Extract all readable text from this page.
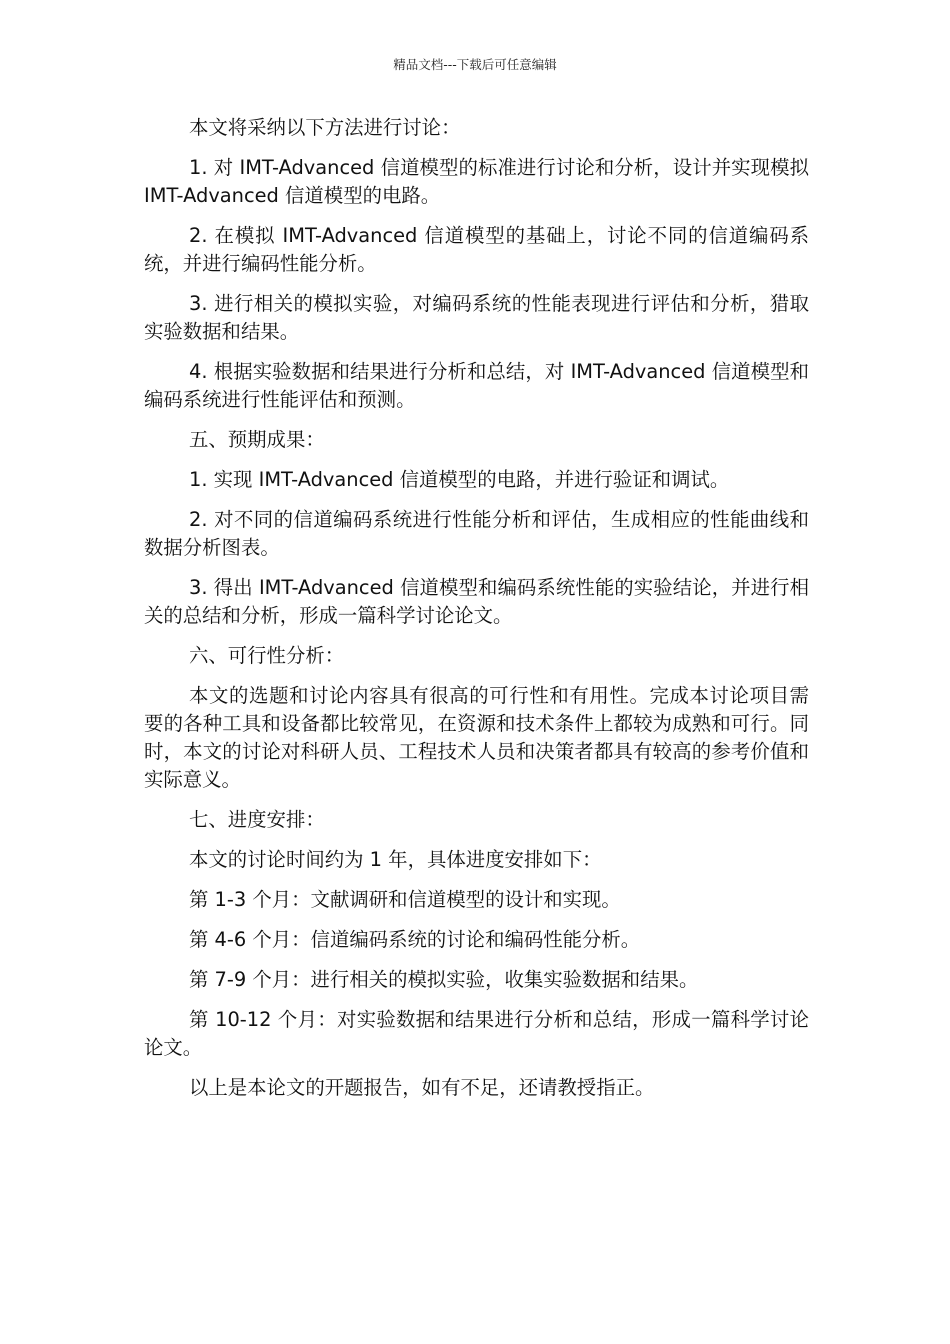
精品文档---下载后可任意编辑

本文将采纳以下方法进行讨论：

1. 对 IMT-Advanced 信道模型的标准进行讨论和分析，设计并实现模拟 IMT-Advanced 信道模型的电路。

2. 在模拟 IMT-Advanced 信道模型的基础上，讨论不同的信道编码系统，并进行编码性能分析。

3. 进行相关的模拟实验，对编码系统的性能表现进行评估和分析，猎取实验数据和结果。

4. 根据实验数据和结果进行分析和总结，对 IMT-Advanced 信道模型和编码系统进行性能评估和预测。

五、预期成果：

1. 实现 IMT-Advanced 信道模型的电路，并进行验证和调试。

2. 对不同的信道编码系统进行性能分析和评估，生成相应的性能曲线和数据分析图表。

3. 得出 IMT-Advanced 信道模型和编码系统性能的实验结论，并进行相关的总结和分析，形成一篇科学讨论论文。

六、可行性分析：

本文的选题和讨论内容具有很高的可行性和有用性。完成本讨论项目需要的各种工具和设备都比较常见，在资源和技术条件上都较为成熟和可行。同时，本文的讨论对科研人员、工程技术人员和决策者都具有较高的参考价值和实际意义。

七、进度安排：

本文的讨论时间约为 1 年，具体进度安排如下：

第 1-3 个月：文献调研和信道模型的设计和实现。

第 4-6 个月：信道编码系统的讨论和编码性能分析。

第 7-9 个月：进行相关的模拟实验，收集实验数据和结果。

第 10-12 个月：对实验数据和结果进行分析和总结，形成一篇科学讨论论文。

以上是本论文的开题报告，如有不足，还请教授指正。
